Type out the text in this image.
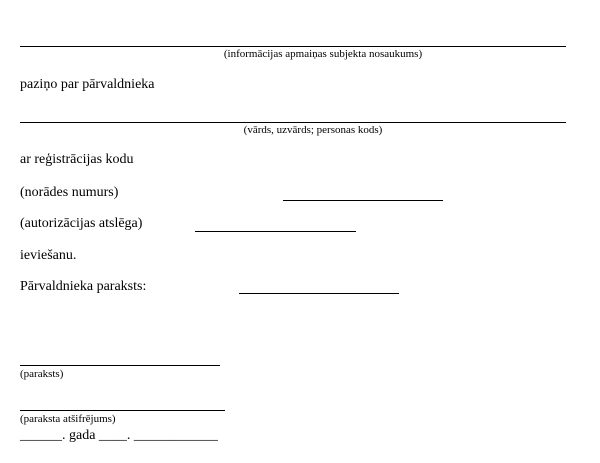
(informācijas apmaiņas subjekta nosaukums)
paziņo par pārvaldnieka
(vārds, uzvārds; personas kods)
ar reģistrācijas kodu
(norādes numurs)
(autorizācijas atslēga)
ieviešanu.
Pārvaldnieka paraksts:
(paraksts)
(paraksta atšifrējums)
______. gada ____. ____________
